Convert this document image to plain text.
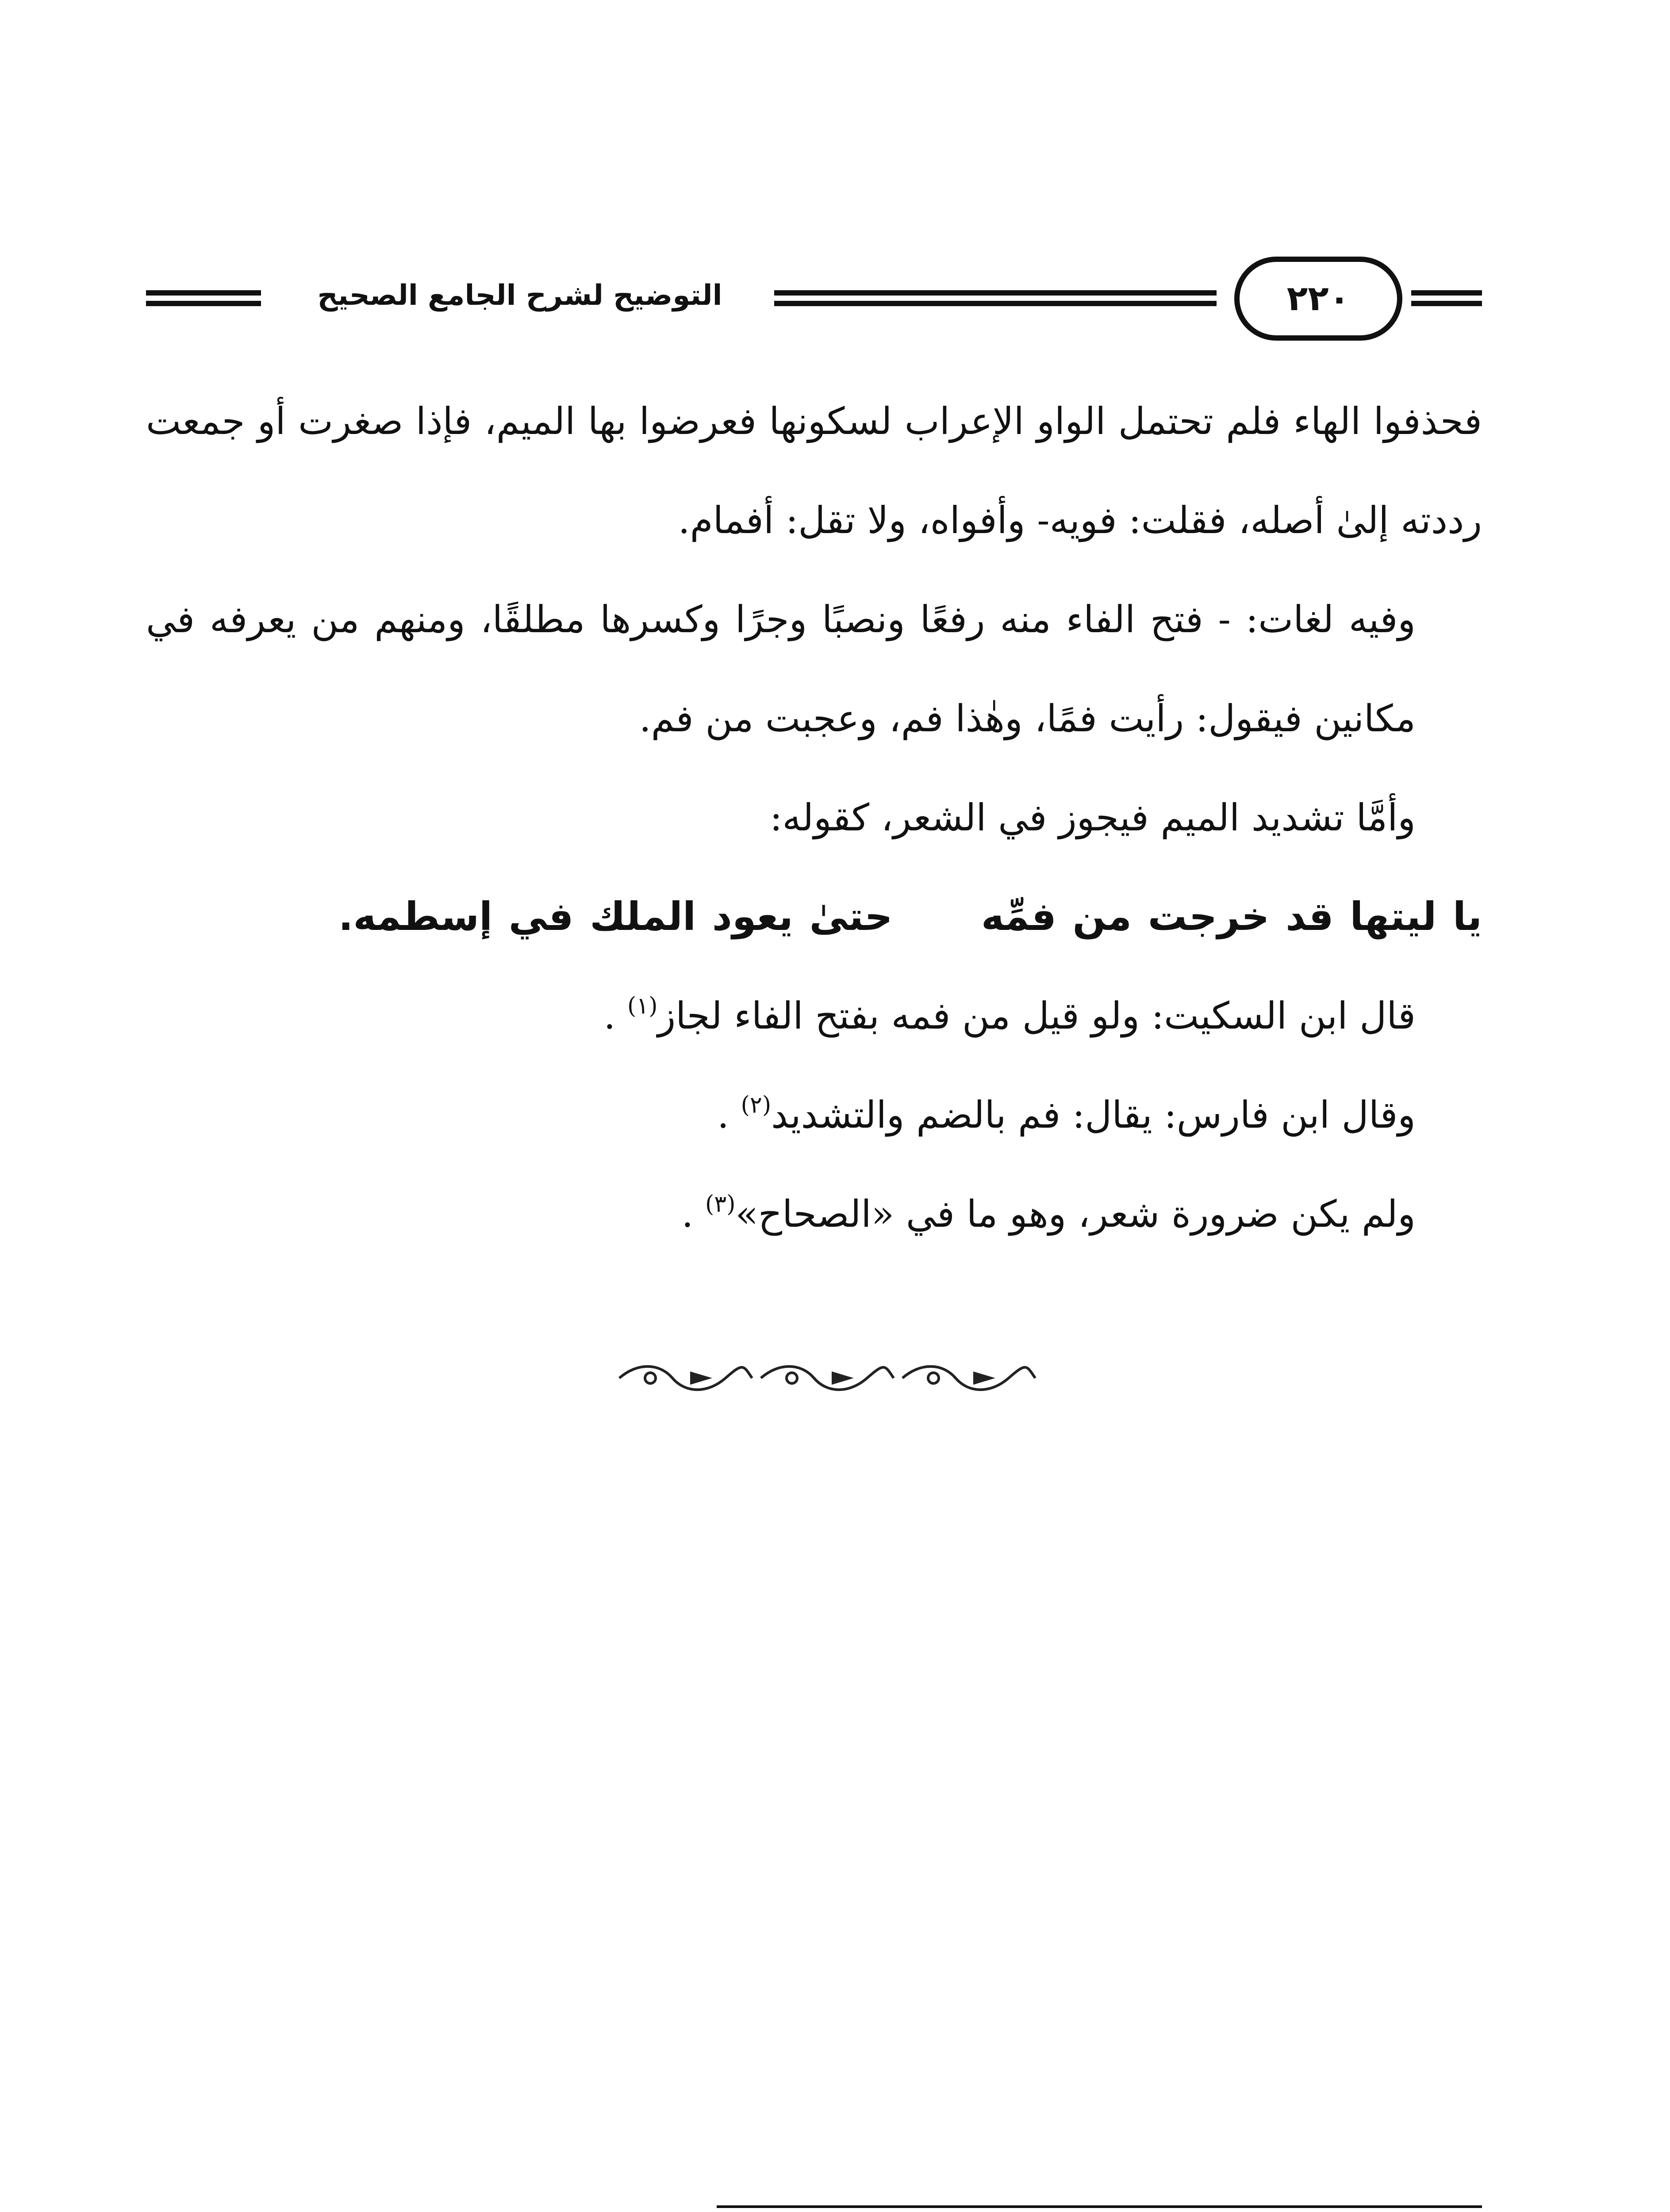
التوضيح لشرح الجامع الصحيح	٢٢٠

فحذفوا الهاء فلم تحتمل الواو الإعراب لسكونها فعرضوا بها الميم، فإذا صغرت أو جمعت رددته إلىٰ أصله، فقلت: فويه- وأفواه، ولا تقل: أفمام.

وفيه لغات: - فتح الفاء منه رفعًا ونصبًا وجرًا وكسرها مطلقًا، ومنهم من يعرفه في مكانين فيقول: رأيت فمًا، وهٰذا فم، وعجبت من فم.

وأمَّا تشديد الميم فيجوز في الشعر، كقوله:

يا ليتها قد خرجت من فمِّهحتىٰ يعود الملك في إسطمه.

قال ابن السكيت: ولو قيل من فمه بفتح الفاء لجاز$^{(١)}$ .

وقال ابن فارس: يقال: فم بالضم والتشديد$^{(٢)}$ .

ولم يكن ضرورة شعر، وهو ما في «الصحاح»$^{(٣)}$ .
